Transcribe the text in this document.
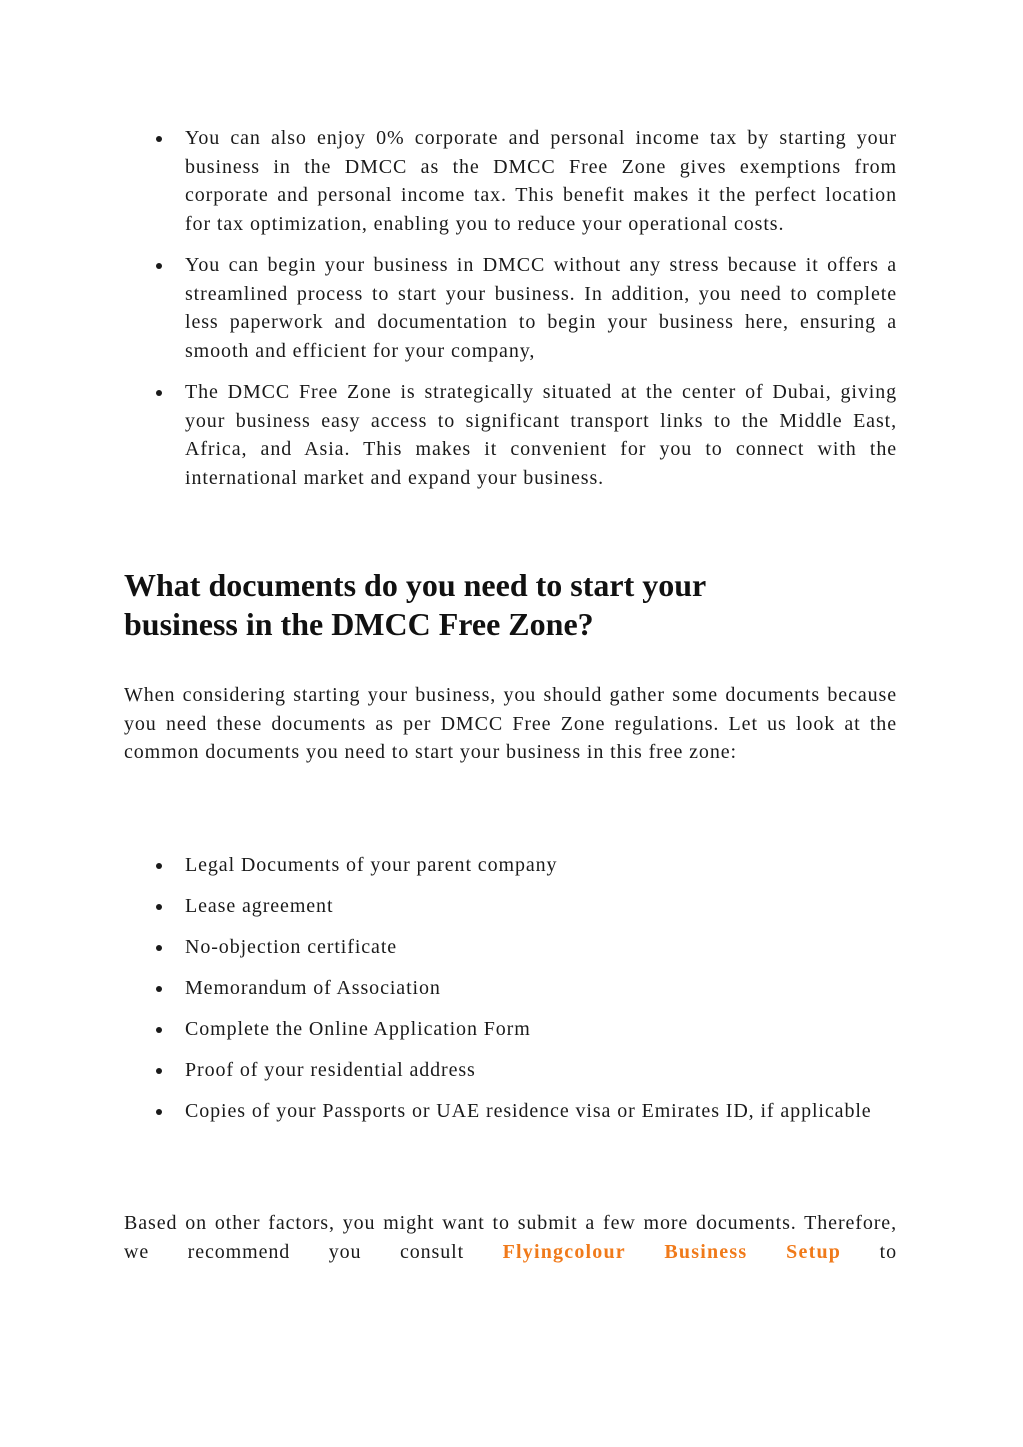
You can also enjoy 0% corporate and personal income tax by starting your business in the DMCC as the DMCC Free Zone gives exemptions from corporate and personal income tax. This benefit makes it the perfect location for tax optimization, enabling you to reduce your operational costs.
You can begin your business in DMCC without any stress because it offers a streamlined process to start your business. In addition, you need to complete less paperwork and documentation to begin your business here, ensuring a smooth and efficient for your company,
The DMCC Free Zone is strategically situated at the center of Dubai, giving your business easy access to significant transport links to the Middle East, Africa, and Asia. This makes it convenient for you to connect with the international market and expand your business.
What documents do you need to start your business in the DMCC Free Zone?

When considering starting your business, you should gather some documents because you need these documents as per DMCC Free Zone regulations. Let us look at the common documents you need to start your business in this free zone:

Legal Documents of your parent company
Lease agreement
No-objection certificate
Memorandum of Association
Complete the Online Application Form
Proof of your residential address
Copies of your Passports or UAE residence visa or Emirates ID, if applicable

Based on other factors, you might want to submit a few more documents. Therefore, we recommend you consult Flyingcolour Business Setup to
